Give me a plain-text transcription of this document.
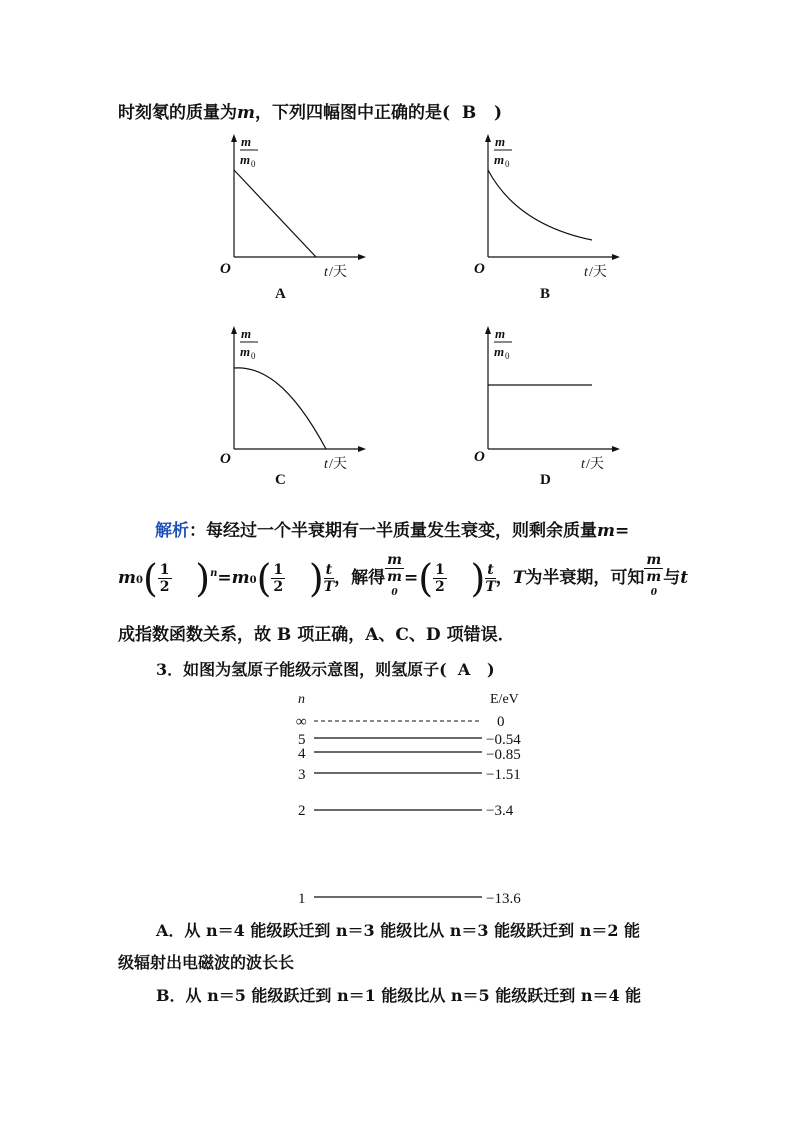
时刻氡的质量为m，下列四幅图中正确的是( B )
m
m 0
O	t /天
A
m
m 0
O	t /天
B
m
m 0
O	t /天
C
m
m 0
O	t /天
D
解析：每经过一个半衰期有一半质量发生衰变，则剩余质量m=
$m0( \frac{1}{2} )^n=m0( \frac{1}{2}$ ) $\frac{t}{T}$ ，解得 m
m
$^0$ =( $\frac{1}{2}$ ) $\frac{t}{T}$ ，T为半衰期，可知 m
m
$^0$ 与t
成指数函数关系，故 B 项正确，A、C、D 项错误．
3．如图为氢原子能级示意图，则氢原子( A )
n	E/eV
∞	0
5	−0.54
4	−0.85
3	−1.51
2	−3.4
1	−13.6
A．从 n＝4 能级跃迁到 n＝3 能级比从 n＝3 能级跃迁到 n＝2 能
级辐射出电磁波的波长长
B．从 n＝5 能级跃迁到 n＝1 能级比从 n＝5 能级跃迁到 n＝4 能
